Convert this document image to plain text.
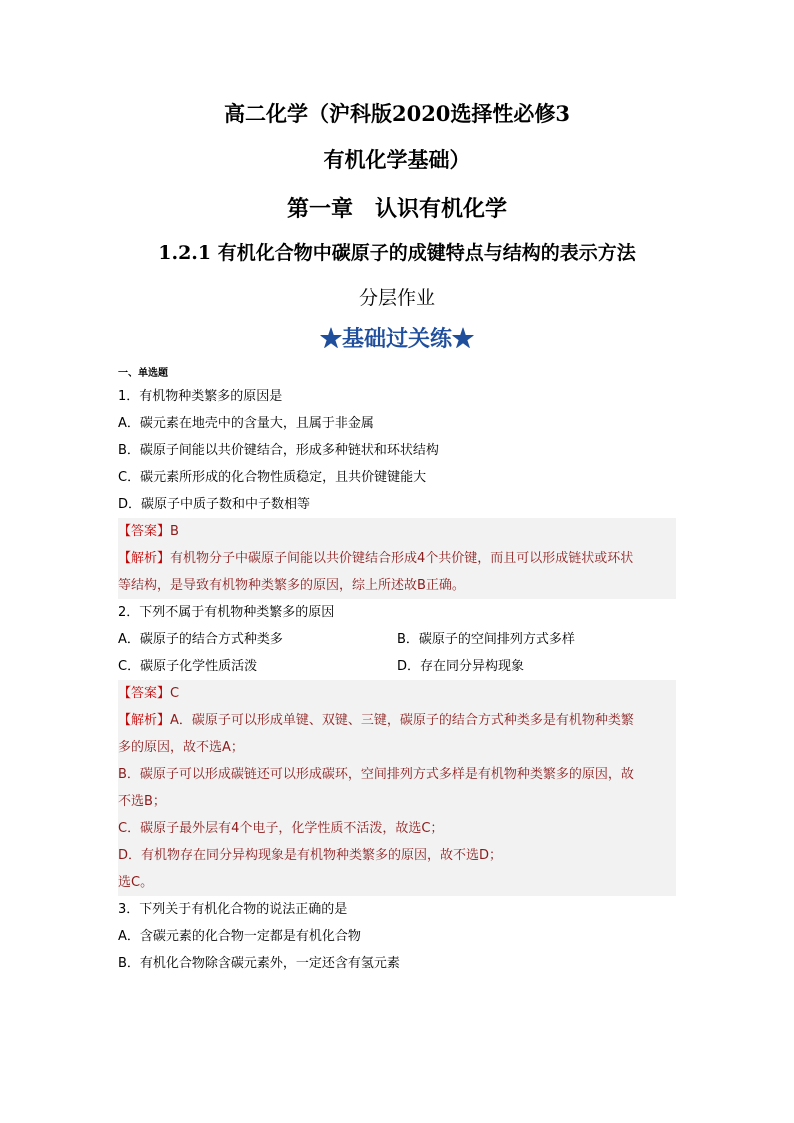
高二化学（沪科版2020选择性必修3
有机化学基础）
第一章　认识有机化学
1.2.1 有机化合物中碳原子的成键特点与结构的表示方法
分层作业
★基础过关练★
一、单选题
1．有机物种类繁多的原因是
A．碳元素在地壳中的含量大，且属于非金属
B．碳原子间能以共价键结合，形成多种链状和环状结构
C．碳元素所形成的化合物性质稳定，且共价键键能大
D．碳原子中质子数和中子数相等
【答案】B
【解析】有机物分子中碳原子间能以共价键结合形成4个共价键，而且可以形成链状或环状
等结构，是导致有机物种类繁多的原因，综上所述故B正确。
2．下列不属于有机物种类繁多的原因
A．碳原子的结合方式种类多	B．碳原子的空间排列方式多样
C．碳原子化学性质活泼	D．存在同分异构现象
【答案】C
【解析】A．碳原子可以形成单键、双键、三键，碳原子的结合方式种类多是有机物种类繁
多的原因，故不选A；
B．碳原子可以形成碳链还可以形成碳环，空间排列方式多样是有机物种类繁多的原因，故
不选B；
C．碳原子最外层有4个电子，化学性质不活泼，故选C；
D．有机物存在同分异构现象是有机物种类繁多的原因，故不选D；
选C。
3．下列关于有机化合物的说法正确的是
A．含碳元素的化合物一定都是有机化合物
B．有机化合物除含碳元素外，一定还含有氢元素
